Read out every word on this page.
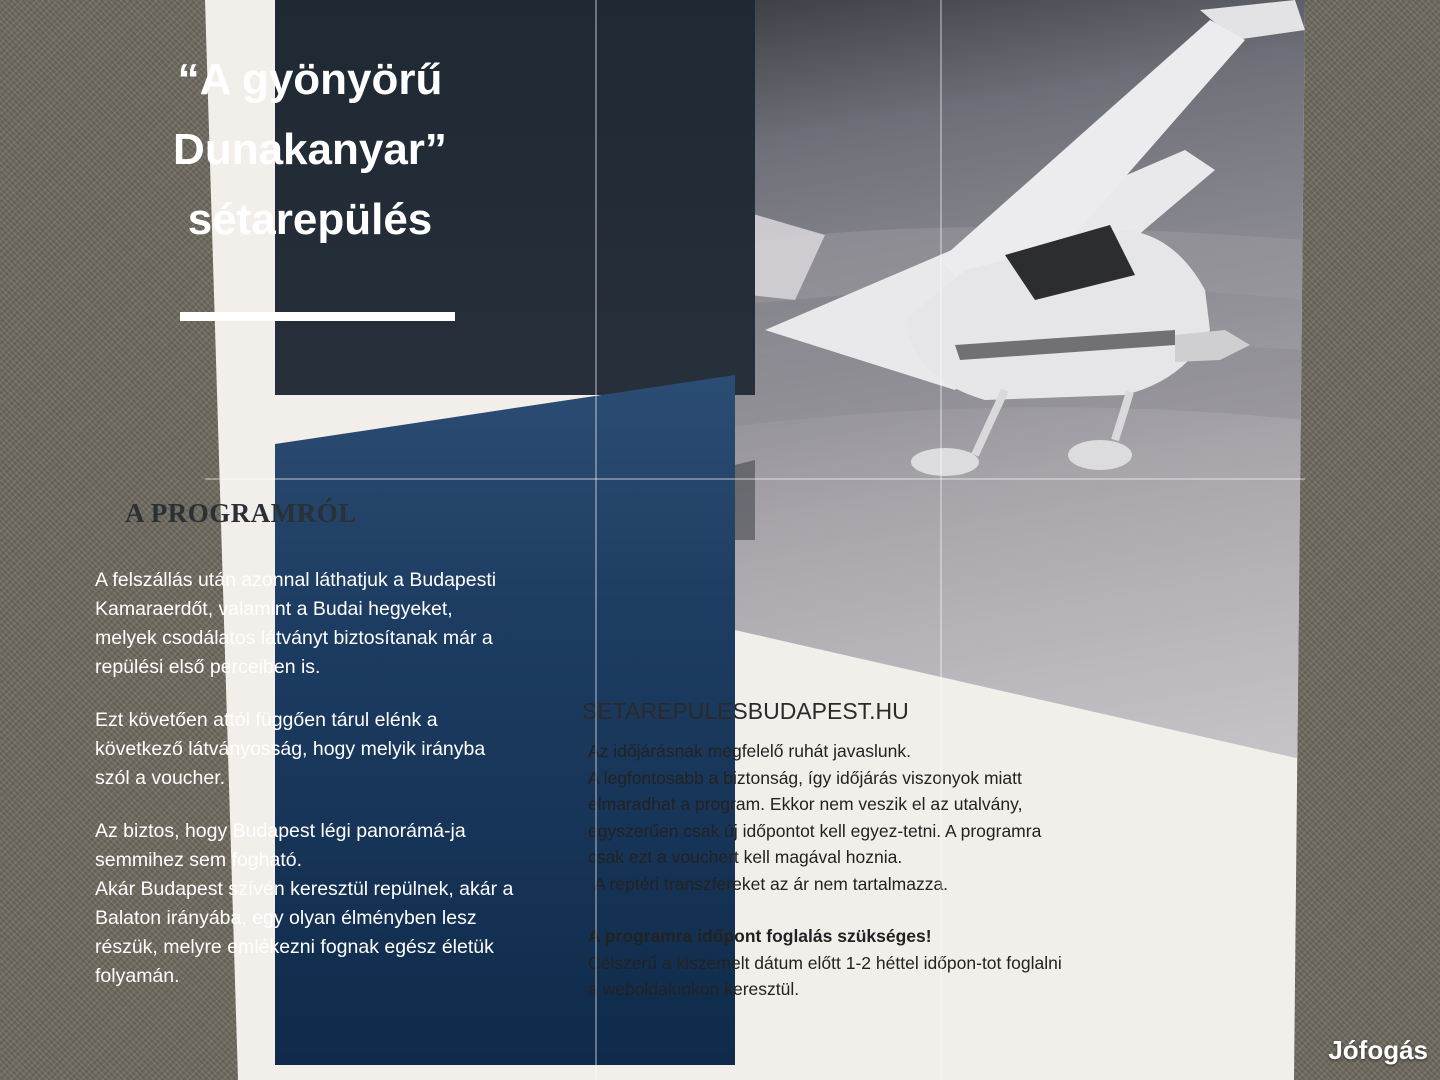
“A gyönyörű
Dunakanyar”
sétarepülés
A PROGRAMRÓL

A felszállás után azonnal láthatjuk a Budapesti Kamaraerdőt, valamint a Budai hegyeket, melyek csodálatos látványt biztosítanak már a repülési első perceiben is.

Ezt követően attól függően tárul elénk a következő látványosság, hogy melyik irányba szól a voucher.

Az biztos, hogy Budapest légi panorámá-ja semmihez sem fogható.

Akár Budapest szívén keresztül repülnek, akár a Balaton irányába, egy olyan élményben lesz részük, melyre emlékezni fognak egész életük folyamán.

SETAREPULESBUDAPEST.HU

Az időjárásnak megfelelő ruhát javaslunk.

A legfontosabb a biztonság, így időjárás viszonyok miatt elmaradhat a program. Ekkor nem veszik el az utalvány, egyszerűen csak új időpontot kell egyez-tetni. A programra csak ezt a vouchert kell magával hoznia.

A reptéri transzfereket az ár nem tartalmazza.

A programra időpont foglalás szükséges!

Célszerű a kiszemelt dátum előtt 1-2 héttel időpon-tot foglalni a weboldalunkon keresztül.

Jófogás
